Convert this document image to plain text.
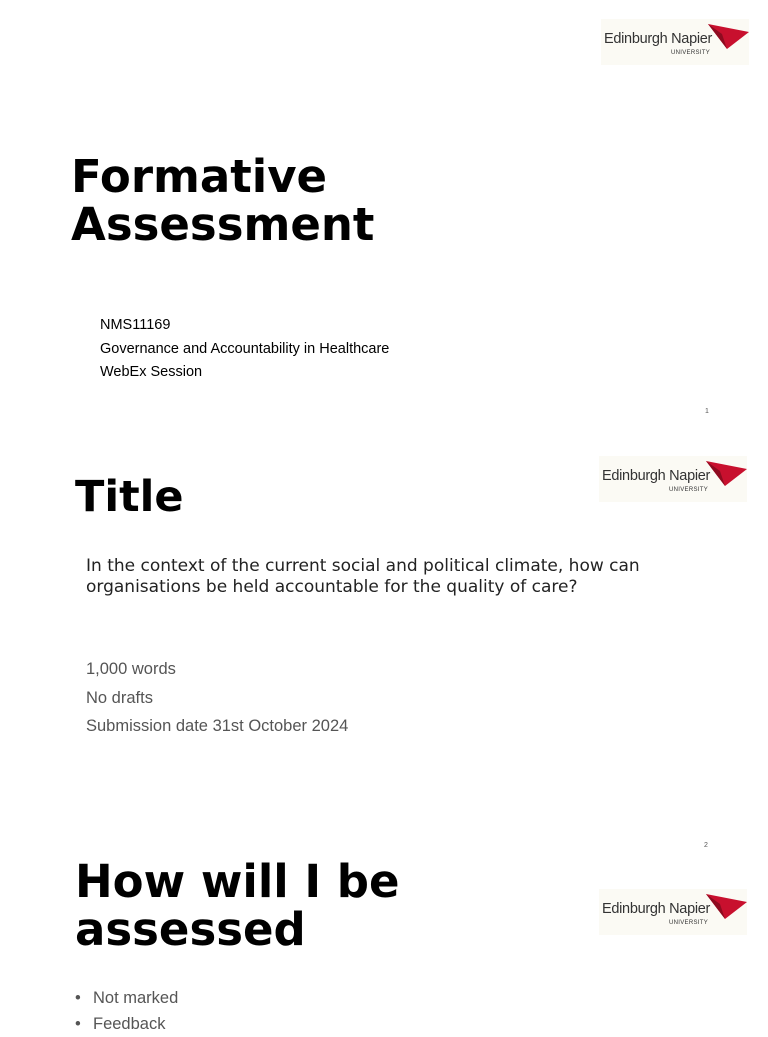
Edinburgh Napier
UNIVERSITY
Formative
Assessment
NMS11169
Governance and Accountability in Healthcare
WebEx Session
1
Edinburgh Napier
UNIVERSITY
Title

In the context of the current social and political climate, how can organisations be held accountable for the quality of care?

1,000 words
No drafts
Submission date 31st October 2024
2
Edinburgh Napier
UNIVERSITY
How will I be
assessed
• Not marked
• Feedback
